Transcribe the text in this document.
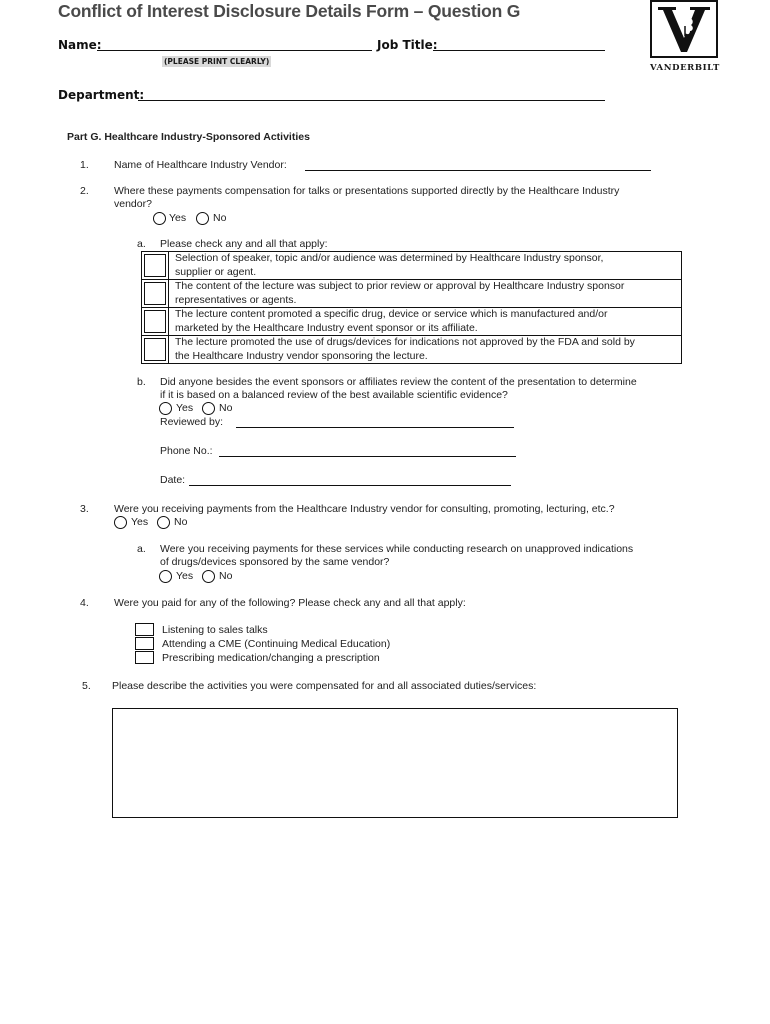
Conflict of Interest Disclosure Details Form – Question G
Name:	Job Title:
(PLEASE PRINT CLEARLY)
Department:
VANDERBILT
Part G. Healthcare Industry-Sponsored Activities
1. Name of Healthcare Industry Vendor:
2. Where these payments compensation for talks or presentations supported directly by the Healthcare Industry
vendor?
Yes	No
a. Please check any and all that apply:

	Selection of speaker, topic and/or audience was determined by Healthcare Industry sponsor,
supplier or agent.

	The content of the lecture was subject to prior review or approval by Healthcare Industry sponsor
representatives or agents.

	The lecture content promoted a specific drug, device or service which is manufactured and/or
marketed by the Healthcare Industry event sponsor or its affiliate.

	The lecture promoted the use of drugs/devices for indications not approved by the FDA and sold by
the Healthcare Industry vendor sponsoring the lecture.
b. Did anyone besides the event sponsors or affiliates review the content of the presentation to determine
if it is based on a balanced review of the best available scientific evidence?
Yes No
Reviewed by:
Phone No.:
Date:
3. Were you receiving payments from the Healthcare Industry vendor for consulting, promoting, lecturing, etc.?
Yes No
a. Were you receiving payments for these services while conducting research on unapproved indications
of drugs/devices sponsored by the same vendor?
Yes No
4. Were you paid for any of the following? Please check any and all that apply:
Listening to sales talks
Attending a CME (Continuing Medical Education)
Prescribing medication/changing a prescription
5. Please describe the activities you were compensated for and all associated duties/services:
